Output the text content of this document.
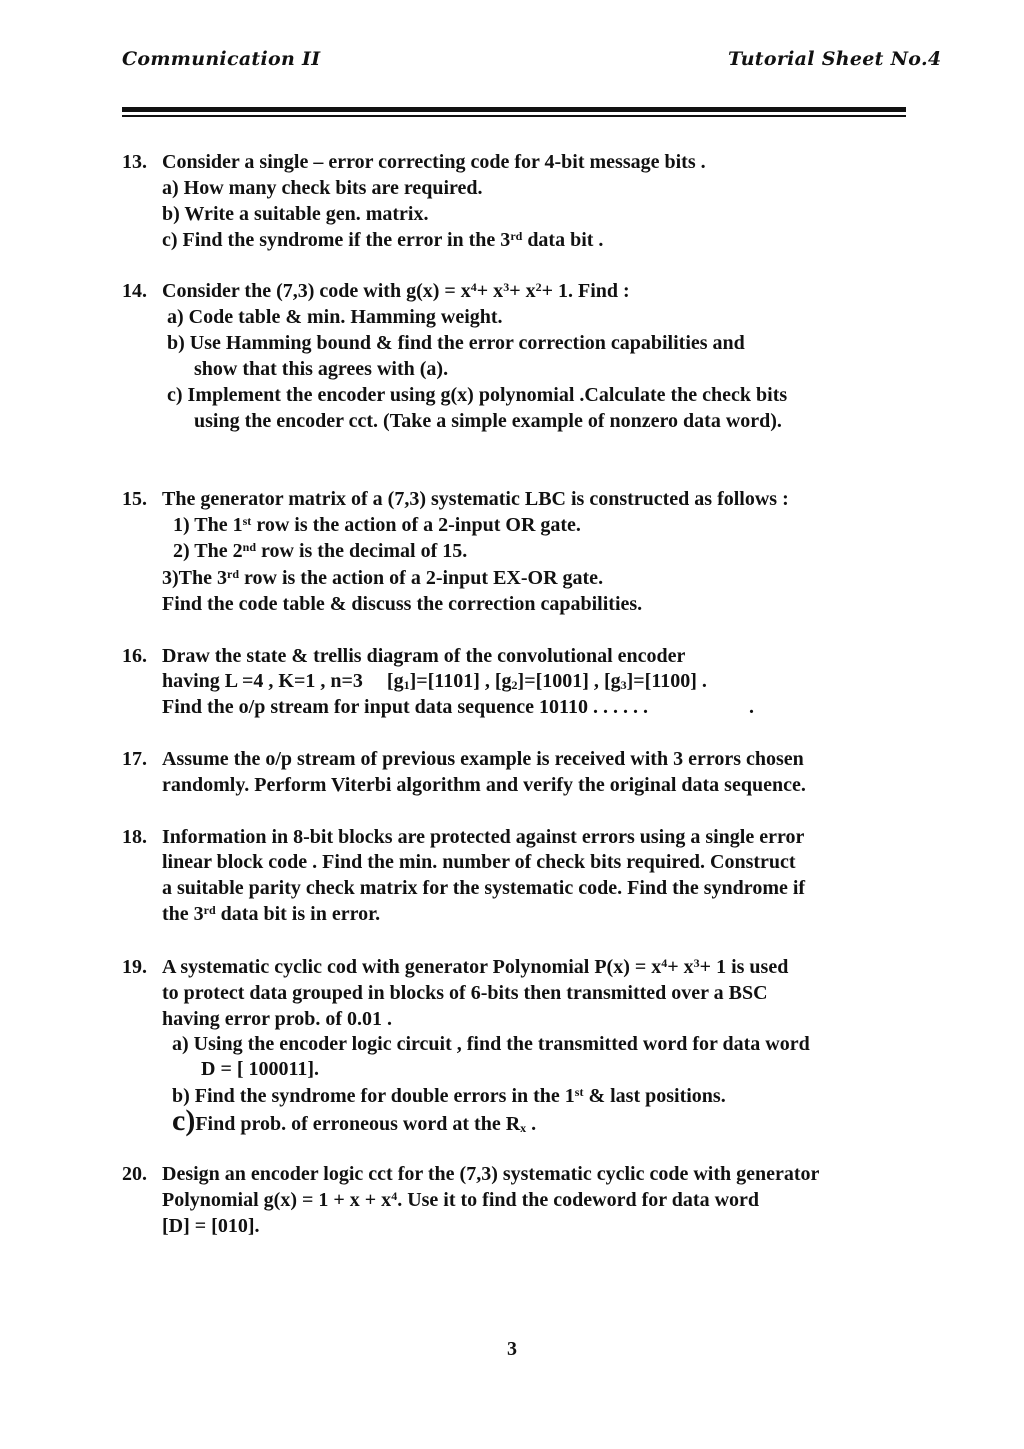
Communication II	Tutorial Sheet No.4
13. Consider a single – error correcting code for 4-bit message bits .
a) How many check bits are required.
b) Write a suitable gen. matrix.
c) Find the syndrome if the error in the 3rd data bit .
14. Consider the (7,3) code with $g(x) = x^4+ x^3+ x^2+ 1$. Find :
a) Code table & min. Hamming weight.
b) Use Hamming bound & find the error correction capabilities and
show that this agrees with (a).
c) Implement the encoder using g(x) polynomial .Calculate the check bits
using the encoder cct. (Take a simple example of nonzero data word).
15. The generator matrix of a (7,3) systematic LBC is constructed as follows :
1) The 1st row is the action of a 2-input OR gate.
2) The 2nd row is the decimal of 15.
3)The 3rd row is the action of a 2-input EX-OR gate.
Find the code table & discuss the correction capabilities.
16. Draw the state & trellis diagram of the convolutional encoder
having L =4 , K=1 , n=3 $[g_1]=[1101]$ , $[g_2]=[1001]$ , $[g_3]=[1100]$ .
Find the o/p stream for input data sequence 10110 . . . . . .	.
17. Assume the o/p stream of previous example is received with 3 errors chosen
randomly. Perform Viterbi algorithm and verify the original data sequence.
18. Information in 8-bit blocks are protected against errors using a single error
linear block code . Find the min. number of check bits required. Construct
a suitable parity check matrix for the systematic code. Find the syndrome if
the 3rd data bit is in error.
19. A systematic cyclic cod with generator Polynomial $P(x) = x^4+ x^3+ 1$ is used
to protect data grouped in blocks of 6-bits then transmitted over a BSC
having error prob. of 0.01 .
a) Using the encoder logic circuit , find the transmitted word for data word
D = [ 100011].
b) Find the syndrome for double errors in the 1st & last positions.
c)Find prob. of erroneous word at the $R_x$ .
20. Design an encoder logic cct for the (7,3) systematic cyclic code with generator
Polynomial $g(x) = 1 + x + x^4$. Use it to find the codeword for data word
[D] = [010].
3
